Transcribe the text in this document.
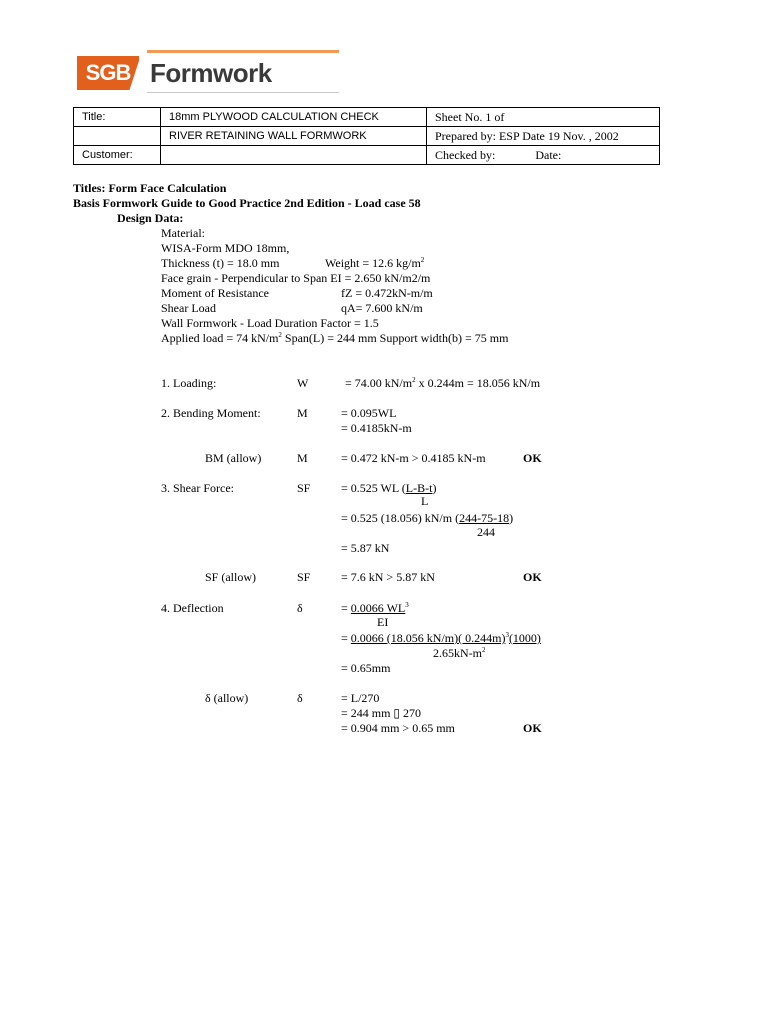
SGB Formwork
Title:	18mm PLYWOOD CALCULATION CHECK	Sheet No. 1 of
	RIVER RETAINING WALL FORMWORK	Prepared by: ESP Date 19 Nov. , 2002
Customer:		Checked by: Date:
Titles: Form Face Calculation
Basis Formwork Guide to Good Practice 2nd Edition - Load case 58
Design Data:
Material:
WISA-Form MDO 18mm,
Thickness (t) = 18.0 mm	Weight = 12.6 $kg/m^2$
Face grain - Perpendicular to Span EI = 2.650 kN/m2/m
Moment of Resistance	fZ = 0.472kN-m/m
Shear Load	qA= 7.600 kN/m
Wall Formwork - Load Duration Factor = 1.5
Applied load = 74 $kN/m^2$ Span(L) = 244 mm Support width(b) = 75 mm
1. Loading:	W	= 74.00 $kN/m^2$ x 0.244m = 18.056 kN/m
2. Bending Moment:	M	= 0.095WL
= 0.4185kN-m
BM (allow)	M	= 0.472 kN-m > 0.4185 kN-m	OK
3. Shear Force:	SF	= 0.525 WL (L-B-t)
L
= 0.525 (18.056) kN/m (244-75-18)
244
= 5.87 kN
SF (allow)	SF	= 7.6 kN > 5.87 kN	OK
4. Deflection	δ	= 0.0066 $WL^3$
EI
= 0.0066 (18.056 kN/m)( 0.244m)$^3$(1000)
$2.65kN-m^2$
= 0.65mm
δ (allow)	δ	= L/270
= 244 mm ▯ 270
= 0.904 mm > 0.65 mm	OK
